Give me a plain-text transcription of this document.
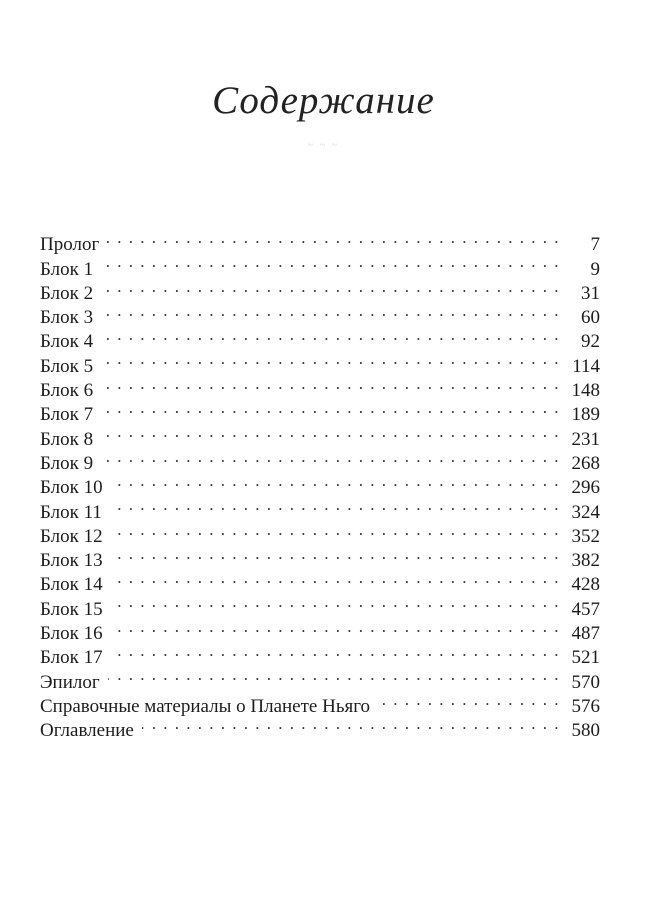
Содержание
~ ~ ~
Пролог . . .	7
Блок 1 . . .	9
Блок 2 . . .	31
Блок 3 . . .	60
Блок 4 . . .	92
Блок 5 . . .	114
Блок 6 . . .	148
Блок 7 . . .	189
Блок 8 . . .	231
Блок 9 . . .	268
Блок 10 . . .	296
Блок 11 . . .	324
Блок 12 . . .	352
Блок 13 . . .	382
Блок 14 . . .	428
Блок 15 . . .	457
Блок 16 . . .	487
Блок 17 . . .	521
Эпилог . . .	570
Справочные материалы о Планете Ньяго . . .	576
Оглавление . . .	580
